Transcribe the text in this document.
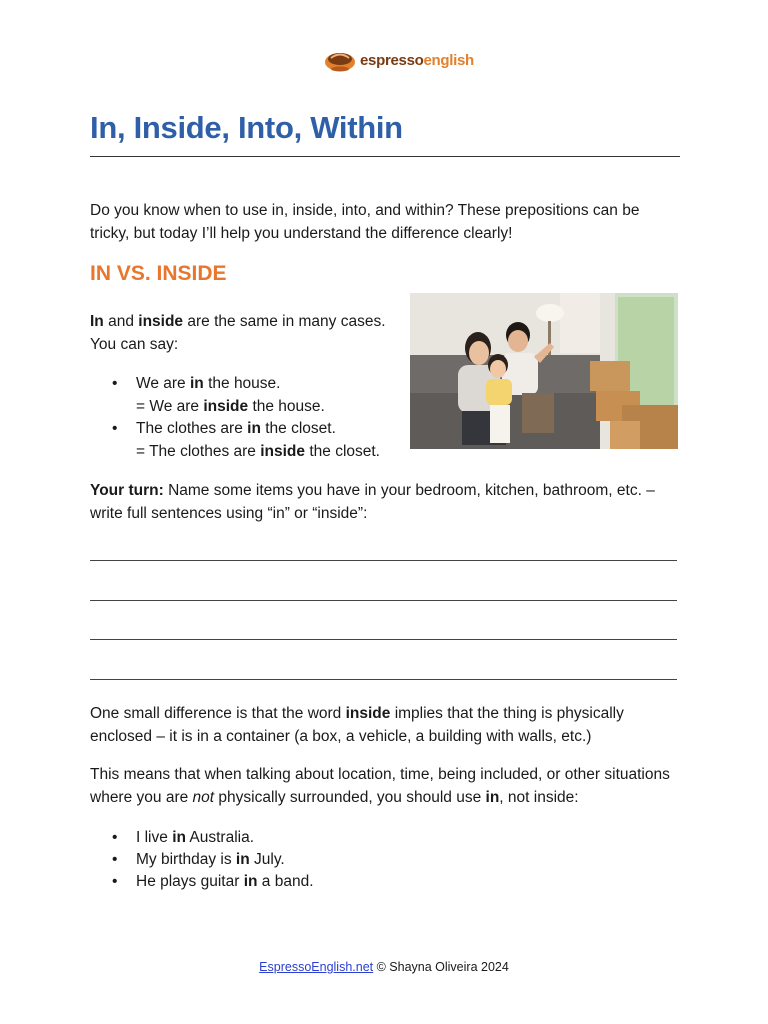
espressoenglish
In, Inside, Into, Within
Do you know when to use in, inside, into, and within? These prepositions can be tricky, but today I’ll help you understand the difference clearly!
IN VS. INSIDE

In and inside are the same in many cases. You can say:

• We are in the house.
= We are inside the house.
• The clothes are in the closet.
= The clothes are inside the closet.
Your turn: Name some items you have in your bedroom, kitchen, bathroom, etc. – write full sentences using “in” or “inside”:
One small difference is that the word inside implies that the thing is physically enclosed – it is in a container (a box, a vehicle, a building with walls, etc.)
This means that when talking about location, time, being included, or other situations where you are not physically surrounded, you should use in, not inside:
• I live in Australia.
• My birthday is in July.
• He plays guitar in a band.
EspressoEnglish.net © Shayna Oliveira 2024
